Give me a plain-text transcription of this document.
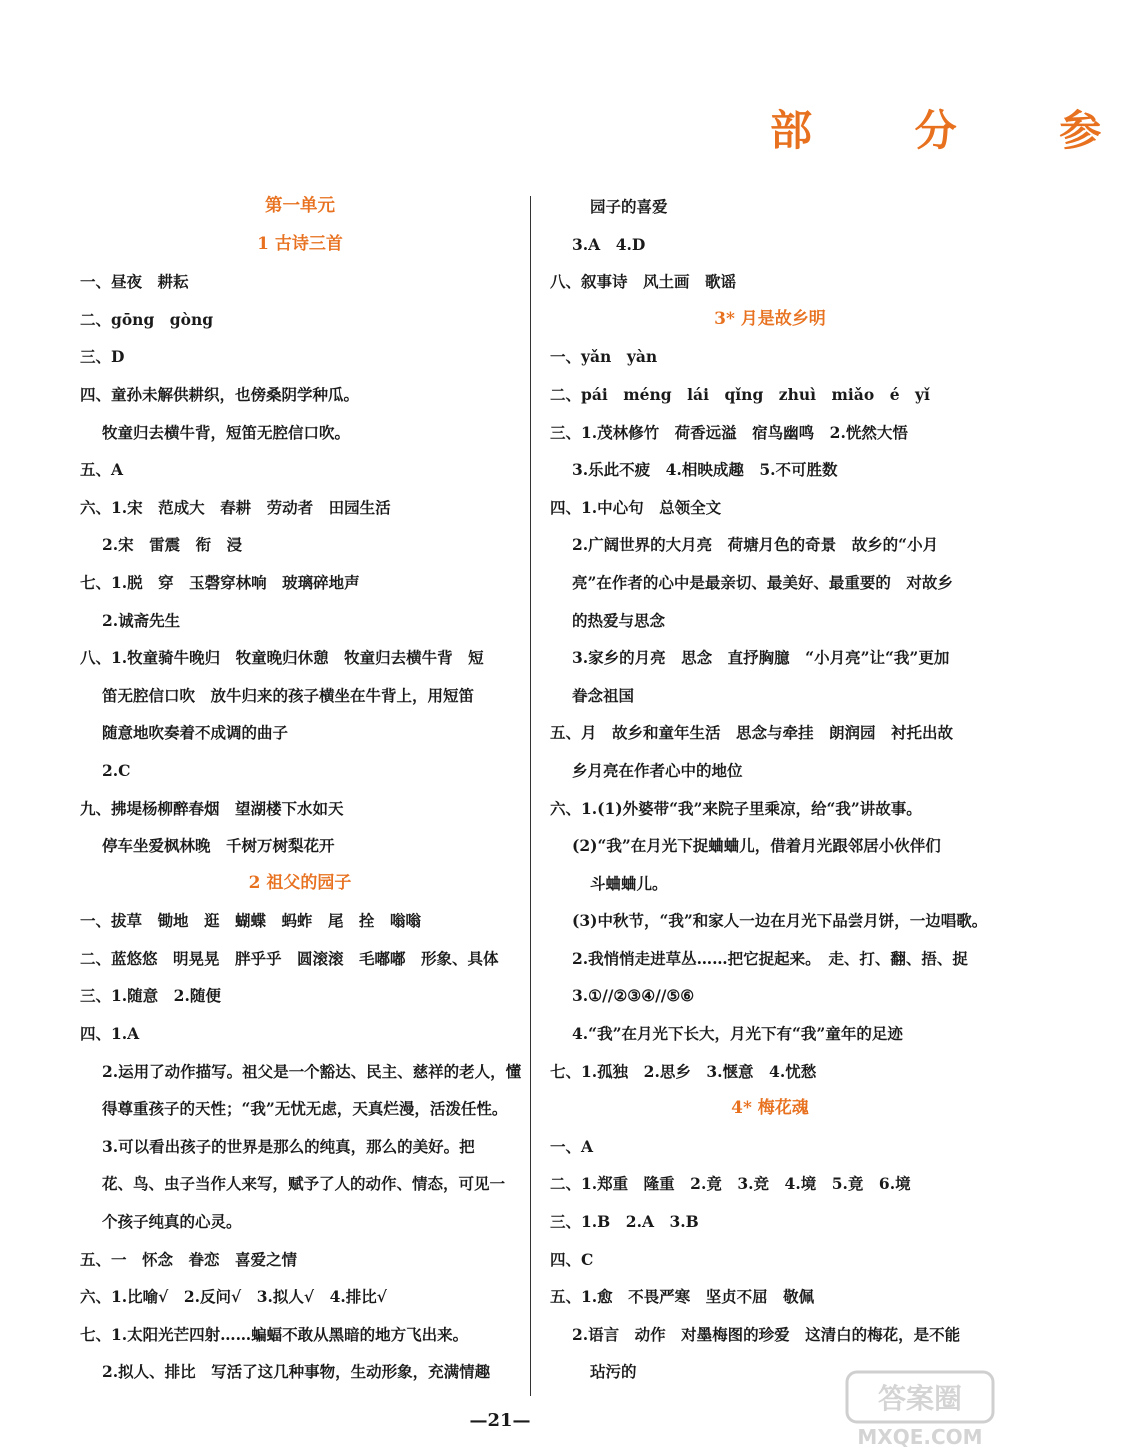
部 分 参
第一单元
1 古诗三首
一、昼夜　耕耘
二、gōng　gòng
三、D
四、童孙未解供耕织，也傍桑阴学种瓜。
牧童归去横牛背，短笛无腔信口吹。
五、A
六、1.宋　范成大　春耕　劳动者　田园生活
2.宋　雷震　衔　浸
七、1.脱　穿　玉磬穿林响　玻璃碎地声
2.诚斋先生
八、1.牧童骑牛晚归　牧童晚归休憩　牧童归去横牛背　短
笛无腔信口吹　放牛归来的孩子横坐在牛背上，用短笛
随意地吹奏着不成调的曲子
2.C
九、拂堤杨柳醉春烟　望湖楼下水如天
停车坐爱枫林晚　千树万树梨花开
2 祖父的园子
一、拔草　锄地　逛　蝴蝶　蚂蚱　尾　拴　嗡嗡
二、蓝悠悠　明晃晃　胖乎乎　圆滚滚　毛嘟嘟　形象、具体
三、1.随意　2.随便
四、1.A
2.运用了动作描写。祖父是一个豁达、民主、慈祥的老人，懂
得尊重孩子的天性；“我”无忧无虑，天真烂漫，活泼任性。
3.可以看出孩子的世界是那么的纯真，那么的美好。把
花、鸟、虫子当作人来写，赋予了人的动作、情态，可见一
个孩子纯真的心灵。
五、一　怀念　眷恋　喜爱之情
六、1.比喻√　2.反问√　3.拟人√　4.排比√
七、1.太阳光芒四射……蝙蝠不敢从黑暗的地方飞出来。
2.拟人、排比　写活了这几种事物，生动形象，充满情趣
园子的喜爱
3.A　4.D
八、叙事诗　风土画　歌谣
3* 月是故乡明
一、yǎn　yàn
二、pái　méng　lái　qǐng　zhuì　miǎo　é　yǐ
三、1.茂林修竹　荷香远溢　宿鸟幽鸣　2.恍然大悟
3.乐此不疲　4.相映成趣　5.不可胜数
四、1.中心句　总领全文
2.广阔世界的大月亮　荷塘月色的奇景　故乡的“小月
亮”在作者的心中是最亲切、最美好、最重要的　对故乡
的热爱与思念
3.家乡的月亮　思念　直抒胸臆　“小月亮”让“我”更加
眷念祖国
五、月　故乡和童年生活　思念与牵挂　朗润园　衬托出故
乡月亮在作者心中的地位
六、1.(1)外婆带“我”来院子里乘凉，给“我”讲故事。
(2)“我”在月光下捉蛐蛐儿，借着月光跟邻居小伙伴们
斗蛐蛐儿。
(3)中秋节，“我”和家人一边在月光下品尝月饼，一边唱歌。
2.我悄悄走进草丛……把它捉起来。　走、打、翻、捂、捉
3.①//②③④//⑤⑥
4.“我”在月光下长大，月光下有“我”童年的足迹
七、1.孤独　2.思乡　3.惬意　4.忧愁
4* 梅花魂
一、A
二、1.郑重　隆重　2.竟　3.竞　4.境　5.竟　6.境
三、1.B　2.A　3.B
四、C
五、1.愈　不畏严寒　坚贞不屈　敬佩
2.语言　动作　对墨梅图的珍爱　这清白的梅花，是不能
玷污的
—21—
答案圈
MXQE.COM
